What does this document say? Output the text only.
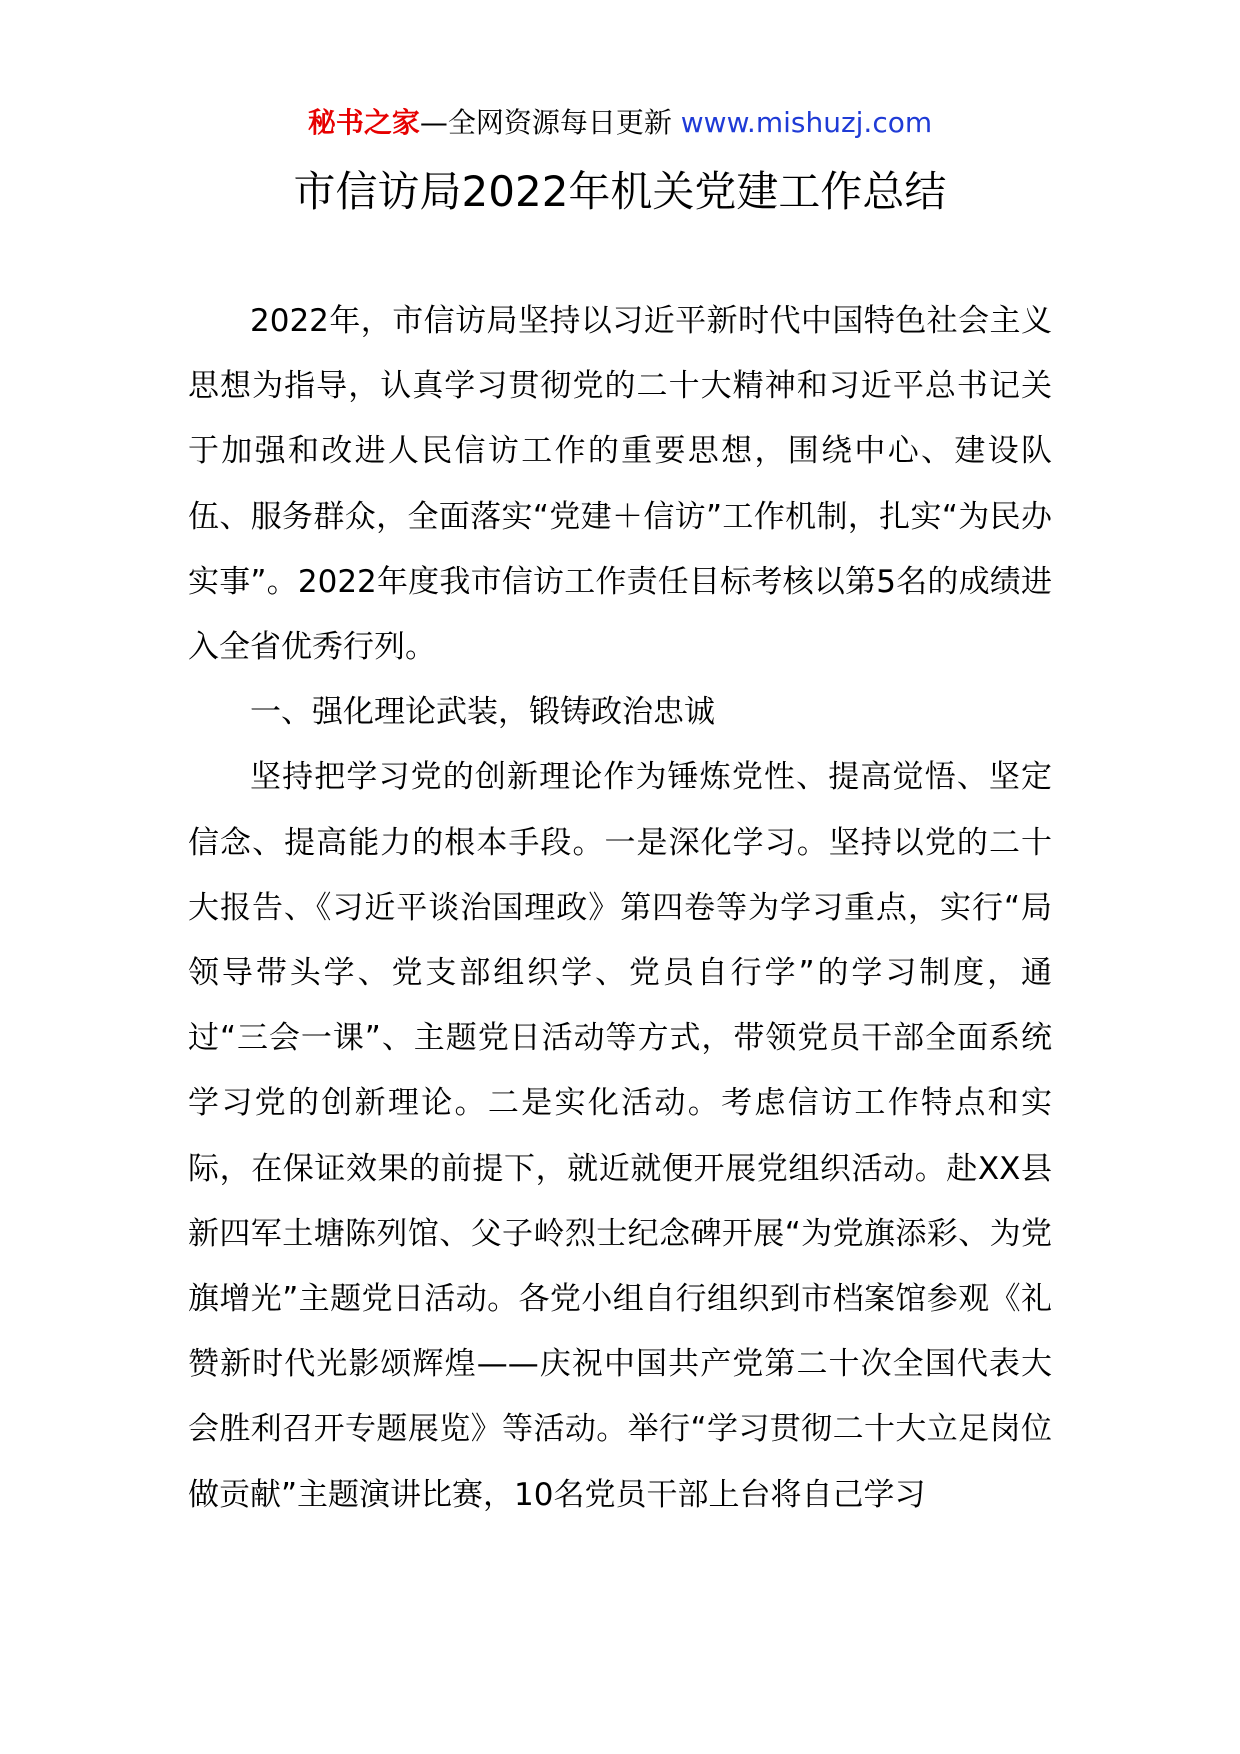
秘书之家—全网资源每日更新 www.mishuzj.com
市信访局2022年机关党建工作总结

2022年，市信访局坚持以习近平新时代中国特色社会主义思想为指导，认真学习贯彻党的二十大精神和习近平总书记关于加强和改进人民信访工作的重要思想，围绕中心、建设队伍、服务群众，全面落实“党建＋信访”工作机制，扎实“为民办实事”。2022年度我市信访工作责任目标考核以第5名的成绩进入全省优秀行列。

一、强化理论武装，锻铸政治忠诚

坚持把学习党的创新理论作为锤炼党性、提高觉悟、坚定信念、提高能力的根本手段。一是深化学习。坚持以党的二十大报告、《习近平谈治国理政》第四卷等为学习重点，实行“局领导带头学、党支部组织学、党员自行学”的学习制度，通过“三会一课”、主题党日活动等方式，带领党员干部全面系统学习党的创新理论。二是实化活动。考虑信访工作特点和实际，在保证效果的前提下，就近就便开展党组织活动。赴XX县新四军土塘陈列馆、父子岭烈士纪念碑开展“为党旗添彩、为党旗增光”主题党日活动。各党小组自行组织到市档案馆参观《礼赞新时代光影颂辉煌——庆祝中国共产党第二十次全国代表大会胜利召开专题展览》等活动。举行“学习贯彻二十大立足岗位做贡献”主题演讲比赛，10名党员干部上台将自己学习
